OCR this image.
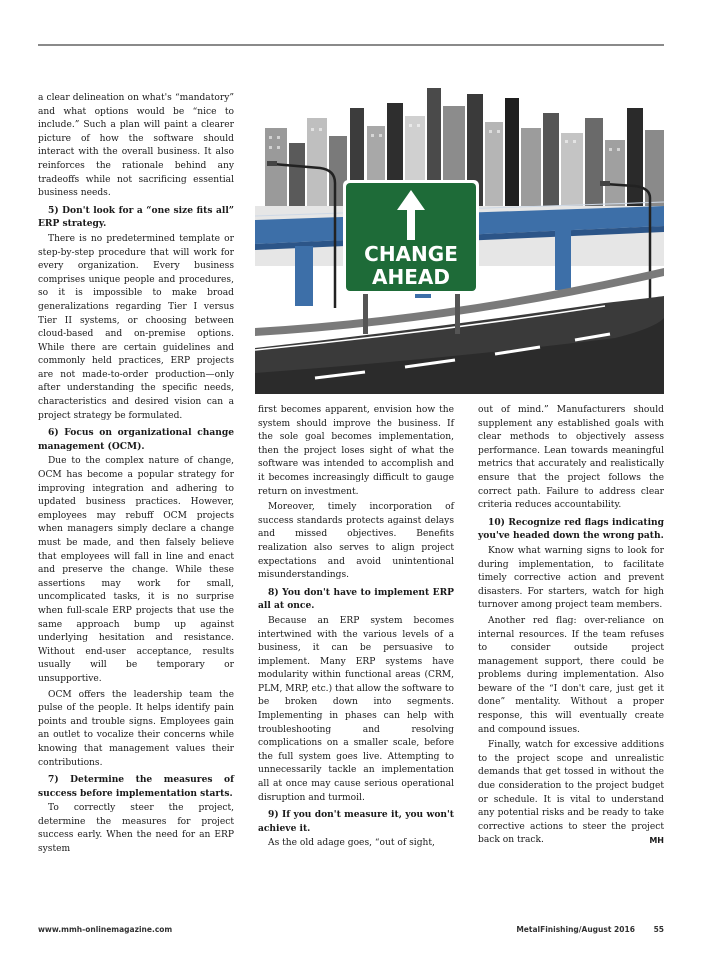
a clear delineation on what's “mandatory” and what options would be “nice to include.” Such a plan will paint a clearer picture of how the software should interact with the overall business. It also reinforces the rationale behind any tradeoffs while not sacrificing essential business needs.

5) Don't look for a “one size fits all” ERP strategy.

There is no predetermined template or step-by-step procedure that will work for every organization. Every business comprises unique people and procedures, so it is impossible to make broad generalizations regarding Tier I versus Tier II systems, or choosing between cloud-based and on-premise options. While there are certain guidelines and commonly held practices, ERP projects are not made-to-order production—only after understanding the specific needs, characteristics and desired vision can a project strategy be formulated.

6) Focus on organizational change management (OCM).

Due to the complex nature of change, OCM has become a popular strategy for improving integration and adhering to updated business practices. However, employees may rebuff OCM projects when managers simply declare a change must be made, and then falsely believe that employees will fall in line and enact and preserve the change. While these assertions may work for small, uncomplicated tasks, it is no surprise when full-scale ERP projects that use the same approach bump up against underlying hesitation and resistance. Without end-user acceptance, results usually will be temporary or unsupportive.

OCM offers the leadership team the pulse of the people. It helps identify pain points and trouble signs. Employees gain an outlet to vocalize their concerns while knowing that management values their contributions.

7) Determine the measures of success before implementation starts.

To correctly steer the project, determine the measures for project success early. When the need for an ERP system

CHANGE
AHEAD

first becomes apparent, envision how the system should improve the business. If the sole goal becomes implementation, then the project loses sight of what the software was intended to accomplish and it becomes increasingly difficult to gauge return on investment.

Moreover, timely incorporation of success standards protects against delays and missed objectives. Benefits realization also serves to align project expectations and avoid unintentional misunderstandings.

8) You don't have to implement ERP all at once.

Because an ERP system becomes intertwined with the various levels of a business, it can be persuasive to implement. Many ERP systems have modularity within functional areas (CRM, PLM, MRP, etc.) that allow the software to be broken down into segments. Implementing in phases can help with troubleshooting and resolving complications on a smaller scale, before the full system goes live. Attempting to unnecessarily tackle an implementation all at once may cause serious operational disruption and turmoil.

9) If you don't measure it, you won't achieve it.

As the old adage goes, “out of sight,

out of mind.” Manufacturers should supplement any established goals with clear methods to objectively assess performance. Lean towards meaningful metrics that accurately and realistically ensure that the project follows the correct path. Failure to address clear criteria reduces accountability.

10) Recognize red flags indicating you've headed down the wrong path.

Know what warning signs to look for during implementation, to facilitate timely corrective action and prevent disasters. For starters, watch for high turnover among project team members.

Another red flag: over-reliance on internal resources. If the team refuses to consider outside project management support, there could be problems during implementation. Also beware of the “I don't care, just get it done” mentality. Without a proper response, this will eventually create and compound issues.

Finally, watch for excessive additions to the project scope and unrealistic demands that get tossed in without the due consideration to the project budget or schedule. It is vital to understand any potential risks and be ready to take corrective actions to steer the project back on track.	MH

www.mmh-onlinemagazine.com	MetalFinishing/August 2016 55
